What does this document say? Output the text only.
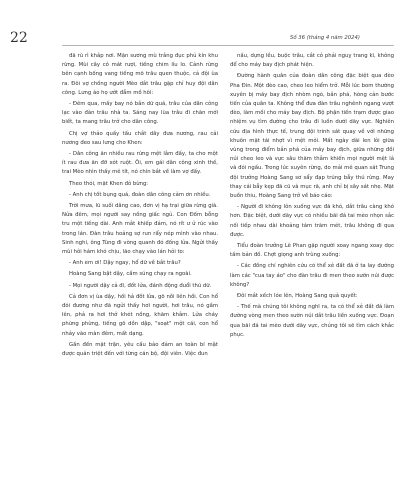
22	Số 36 (tháng 4 năm 2024)

đã rù rì khắp nơi. Mặn sương mù trắng đục phủ kín khu rừng. Mùi cây cỏ mát rượi, tiếng chim líu lo. Cảnh rừng bên cạnh bống vang tiếng mõ trâu quen thuộc, cả đội ùa ra. Đôi vợ chồng người Mèo dắt trâu gặp chỉ huy đội dân công. Lưng áo họ ướt đẫm mồ hôi:

- Đêm qua, mấy bay nó bắn dữ quá, trâu của dân công lạc vào đàn trâu nhà ta. Sáng nay lùa trâu đi chăn mới biết, ta mang trâu trở cho dân công.

Chị vợ thảo quấy tấu chắt dây đưa nương, rau cải nương đeo sau lưng cho Khen:

- Dân công ăn nhiều rau rừng mệt lắm đấy, ta cho một ít rau đưa ăn đỡ xót ruột. Ôi, em gái dân công xinh thế, trai Mèo nhìn thấy mê tít, nó chín bắt về làm vợ đấy.

Theo thói, mặt Khen đỏ bừng:

- Anh chị tốt bụng quá, đoàn dân công cảm ơn nhiều.

Trời mưa, lũ suối dâng cao, đơn vị hạ trại giữa rừng già. Nửa đêm, mọi người say nồng giấc ngủ. Con Đốm bỗng tru một tiếng dài. Anh mắt khiếp đảm, nó rít ư ử rúc vào trong lán. Đàn trâu hoảng sợ run rẩy nép mình vào nhau. Sinh nghi, ông Tùng đi vòng quanh đó đống lửa. Ngửi thấy mùi hôi hám khó chịu, lão chạy vào lán hỏi to:

- Anh em ơi! Dậy ngay, hổ dữ về bắt trâu?

Hoàng Sang bật dậy, cầm súng chạy ra ngoài.

- Mọi người dậy cả đi, đốt lửa, đánh động đuổi thú dữ.

Cả đơn vị ùa dậy, hối hả đốt lửa, gõ nồi liên hồi. Con hổ đói đương như đã ngửi thấy hơi người, hơi trâu, nó gầm lên, phả ra hơi thở khét nồng, khăm khắm. Lửa cháy phừng phừng, tiếng gõ dồn dập, "soạt" một cái, con hổ nhảy vào màn đêm, mất dạng.

Gần đến mặt trận, yêu cầu bảo đảm an toàn bí mật được quán triệt đến với từng cán bộ, đội viên. Việc đun

nấu, dựng lều, buộc trâu, cắt cỏ phải nguỵ trang kĩ, không để cho máy bay địch phát hiện.

Đường hành quân của đoàn dân công đặc biệt qua đèo Pha Đin. Một đèo cao, cheo leo hiểm trở. Mỗi lúc bom thường xuyên bị máy bay địch nhòm ngó, bắn phá, hòng cản bước tiến của quân ta. Không thể đưa đàn trâu nghênh ngang vượt đèo, làm mồi cho máy bay địch. Bộ phận tiền trạm được giao nhiệm vụ tìm đường cho trâu đi luồn dưới dãy vực. Nghiên cứu địa hình thực tế, trung đội trinh sát quay về với những khuôn mặt tái nhợt vì mệt mỏi. Mất ngày dài len lỏi giữa vùng trong điểm bắn phá của máy bay địch, giữa những đồi núi cheo leo và vực sâu thăm thẳm khiến mọi người mệt lả và đói ngấu. Trong lúc xuyên rừng, do mải mê quan sát Trung đội trưởng Hoàng Sang sơ sẩy đạp trúng bẫy thú rừng. May thay cái bẫy kẹp đã cũ và mục rã, anh chỉ bị sây sát nhẹ. Mặt buồn thiu, Hoàng Sang trở về báo cáo:

- Người đi không lôn xuống vực đã khó, dắt trâu càng khó hơn. Đặc biệt, dưới dãy vực có nhiều bãi đá tai mèo nhọn sắc nối tiếp nhau dài khoảng tám trăm mét, trâu không đi qua được.

Tiểu đoàn trưởng Lê Phan gặp người xoay ngang xoay dọc tấm bản đồ. Chợt giọng anh trùng xuống:

- Các đồng chí nghiên cứu có thể xẻ đất đá ở ta lay đường làm các "cua tay áo" cho đàn trâu đi men theo sườn núi được không?

Đôi mắt xếch lóe lên, Hoàng Sang quả quyết:

- Thế mà chúng tôi không nghĩ ra, ta có thể xẻ đất đá làm đường vòng men theo sườn núi dắt trâu liền xuống vực. Đoạn qua bãi đá tai mèo dưới dãy vực, chúng tôi sẽ tìm cách khắc phục.
